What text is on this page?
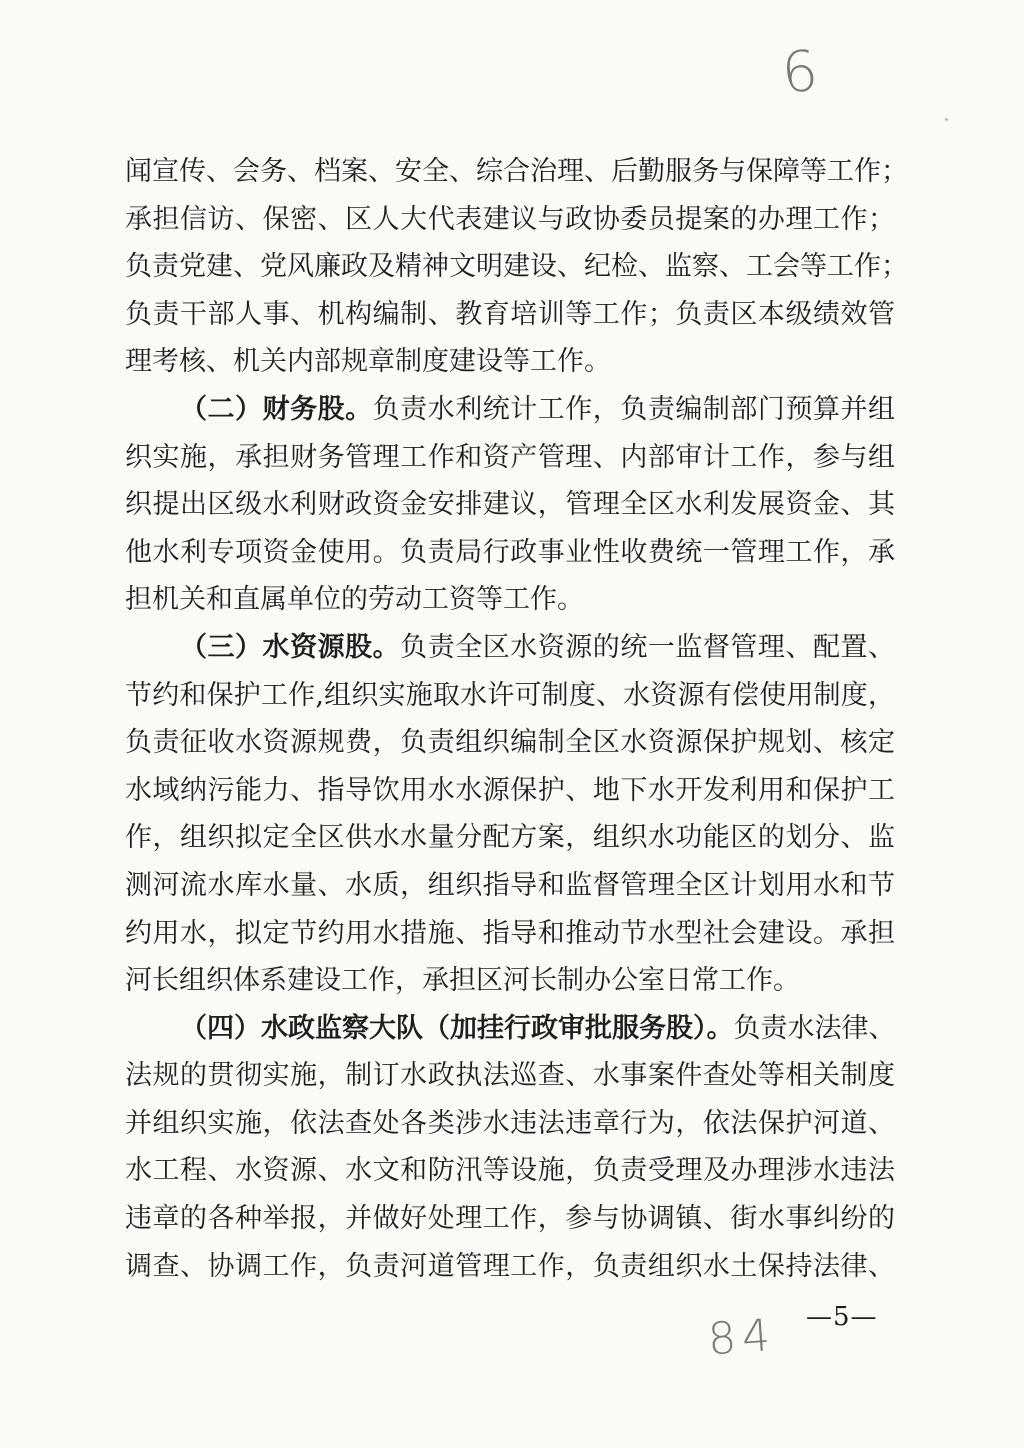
6
闻宣传、会务、档案、安全、综合治理、后勤服务与保障等工作；
承担信访、保密、区人大代表建议与政协委员提案的办理工作；
负责党建、党风廉政及精神文明建设、纪检、监察、工会等工作；
负责干部人事、机构编制、教育培训等工作；负责区本级绩效管
理考核、机关内部规章制度建设等工作。
（二）财务股。负责水利统计工作，负责编制部门预算并组
织实施，承担财务管理工作和资产管理、内部审计工作，参与组
织提出区级水利财政资金安排建议，管理全区水利发展资金、其
他水利专项资金使用。负责局行政事业性收费统一管理工作，承
担机关和直属单位的劳动工资等工作。
（三）水资源股。负责全区水资源的统一监督管理、配置、
节约和保护工作,组织实施取水许可制度、水资源有偿使用制度，
负责征收水资源规费，负责组织编制全区水资源保护规划、核定
水域纳污能力、指导饮用水水源保护、地下水开发利用和保护工
作，组织拟定全区供水水量分配方案，组织水功能区的划分、监
测河流水库水量、水质，组织指导和监督管理全区计划用水和节
约用水，拟定节约用水措施、指导和推动节水型社会建设。承担
河长组织体系建设工作，承担区河长制办公室日常工作。
（四）水政监察大队（加挂行政审批服务股）。负责水法律、
法规的贯彻实施，制订水政执法巡查、水事案件查处等相关制度
并组织实施，依法查处各类涉水违法违章行为，依法保护河道、
水工程、水资源、水文和防汛等设施，负责受理及办理涉水违法
违章的各种举报，并做好处理工作，参与协调镇、街水事纠纷的
调查、协调工作，负责河道管理工作，负责组织水土保持法律、
—5—
84
